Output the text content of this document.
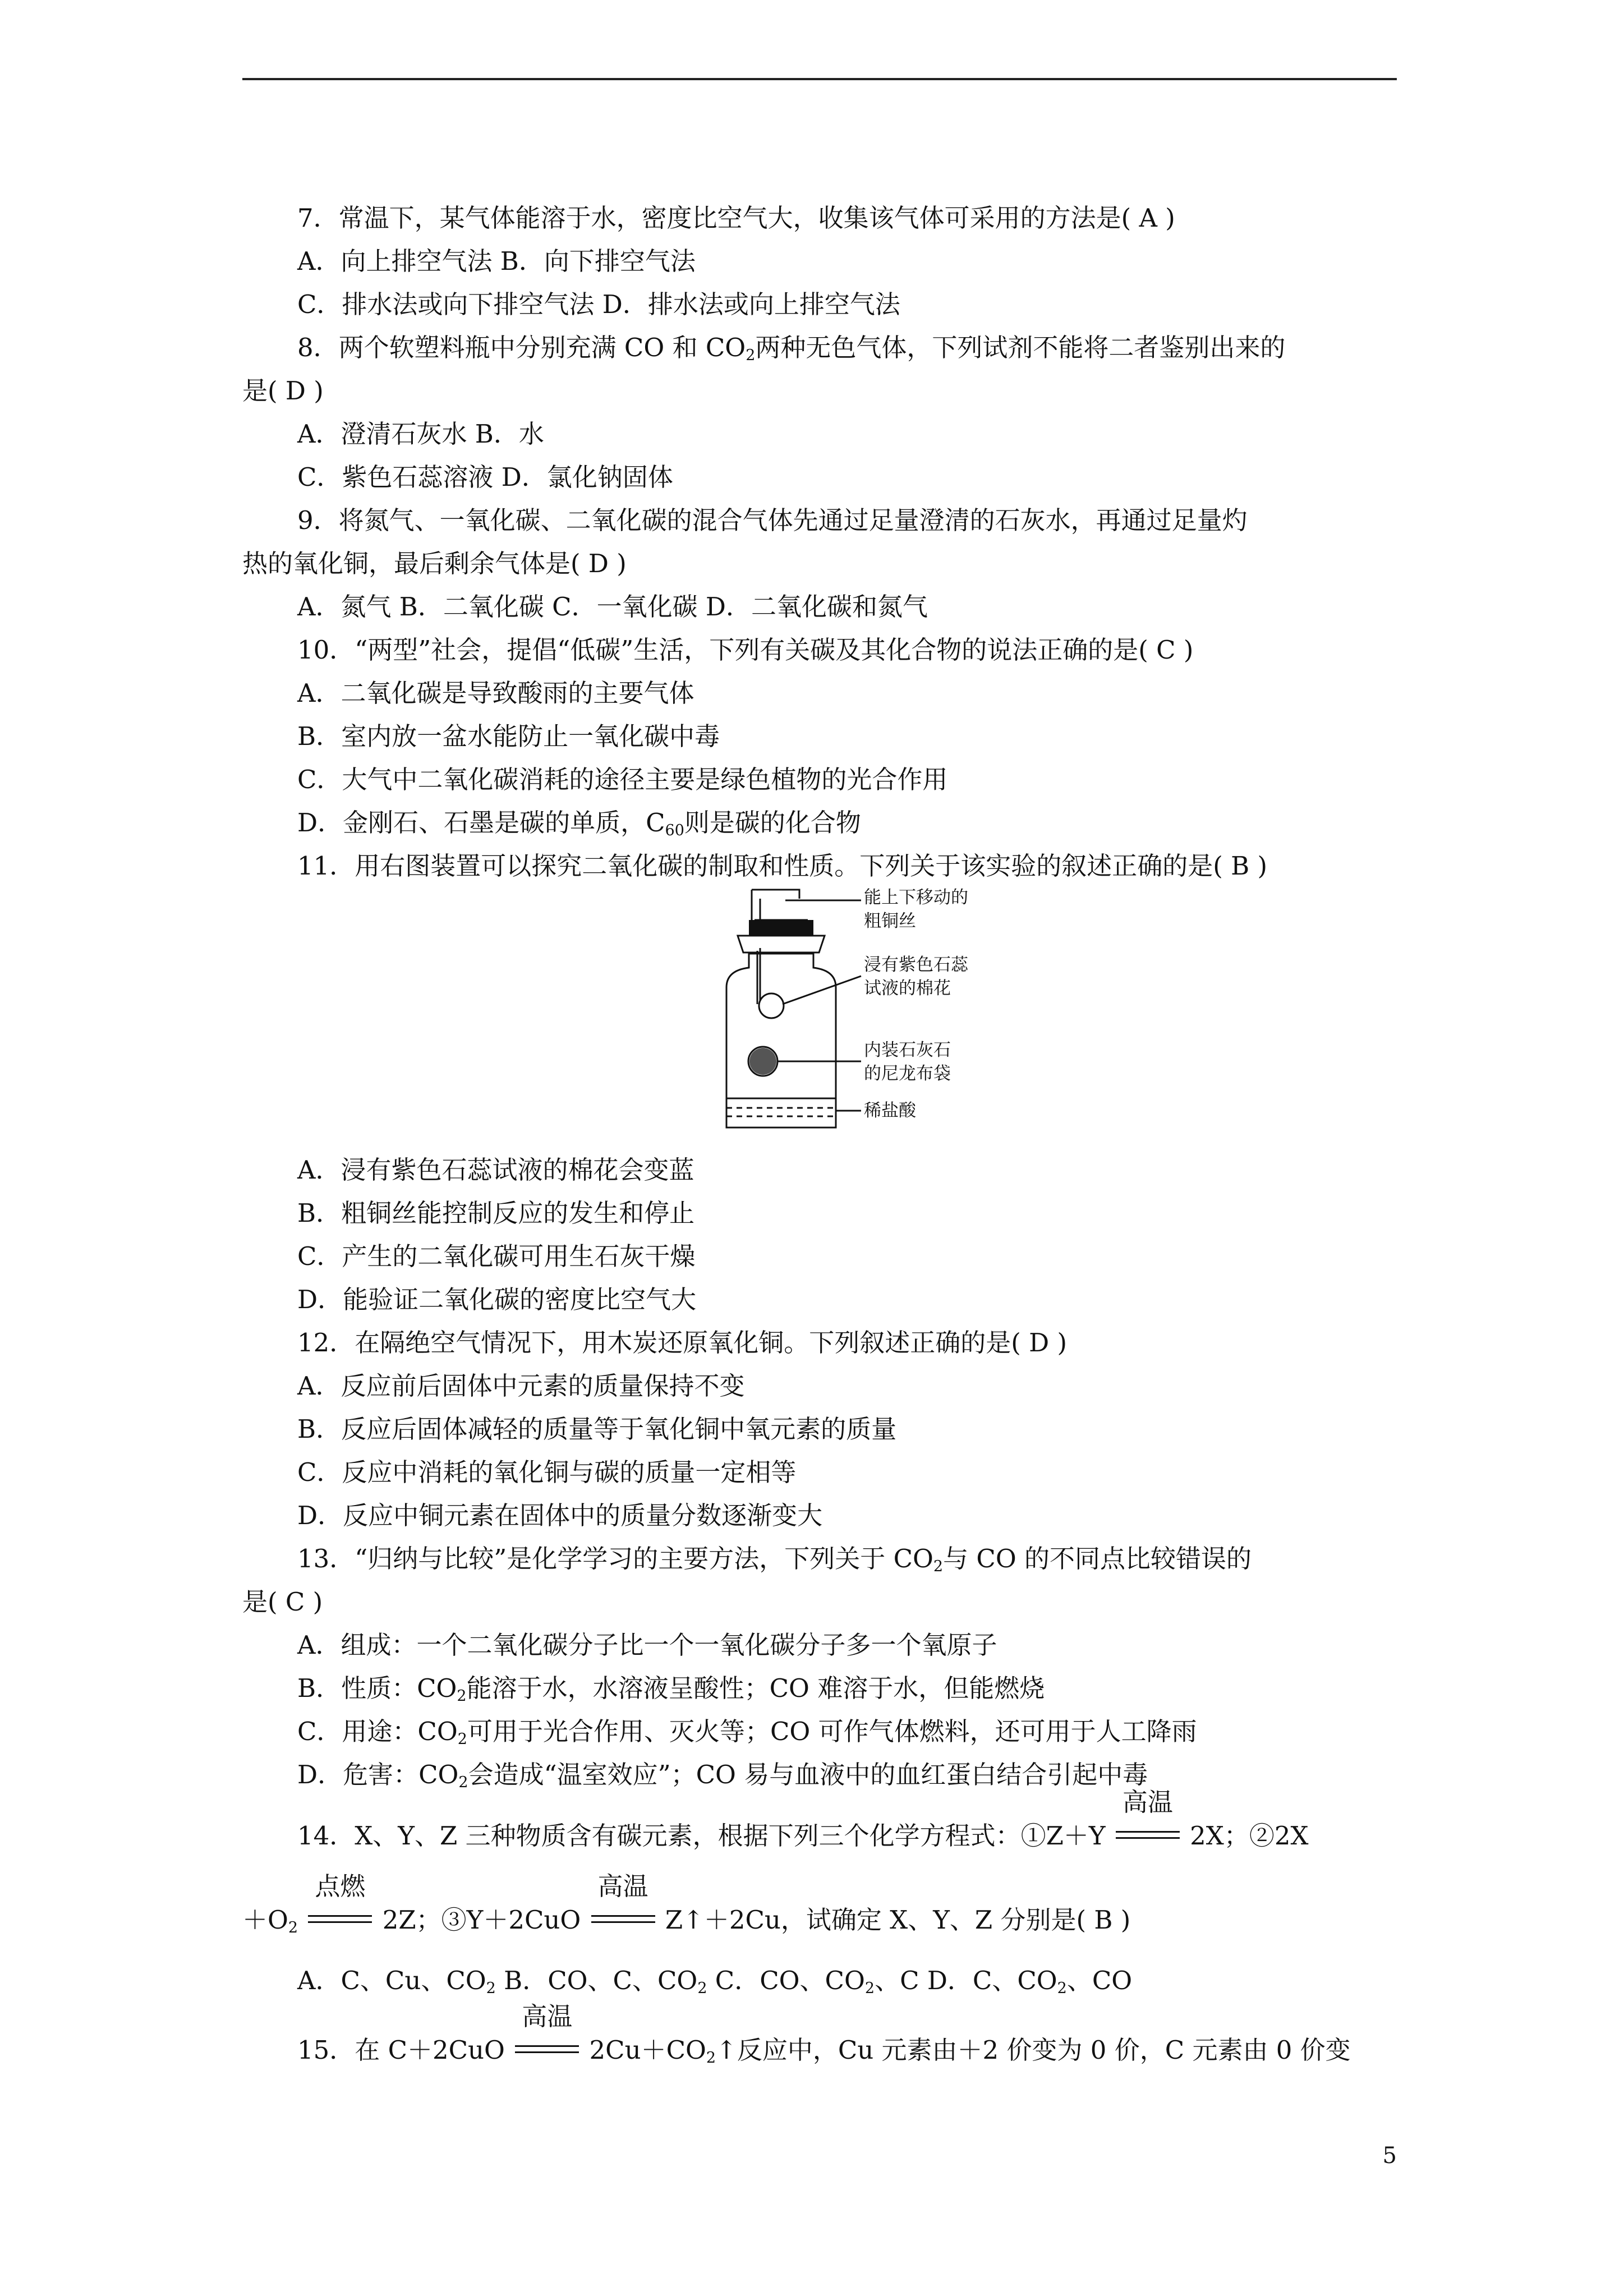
7．常温下，某气体能溶于水，密度比空气大，收集该气体可采用的方法是( A )
A．向上排空气法 B．向下排空气法
C．排水法或向下排空气法 D．排水法或向上排空气法
8．两个软塑料瓶中分别充满 CO 和 $CO_2$两种无色气体，下列试剂不能将二者鉴别出来的
是( D )
A．澄清石灰水 B．水
C．紫色石蕊溶液 D．氯化钠固体
9．将氮气、一氧化碳、二氧化碳的混合气体先通过足量澄清的石灰水，再通过足量灼
热的氧化铜，最后剩余气体是( D )
A．氮气 B．二氧化碳 C．一氧化碳 D．二氧化碳和氮气
10．“两型”社会，提倡“低碳”生活，下列有关碳及其化合物的说法正确的是( C )
A．二氧化碳是导致酸雨的主要气体
B．室内放一盆水能防止一氧化碳中毒
C．大气中二氧化碳消耗的途径主要是绿色植物的光合作用
D．金刚石、石墨是碳的单质，$C_{60}$则是碳的化合物
11．用右图装置可以探究二氧化碳的制取和性质。下列关于该实验的叙述正确的是( B )
能上下移动的
粗铜丝
浸有紫色石蕊
试液的棉花
内装石灰石
的尼龙布袋
稀盐酸
A．浸有紫色石蕊试液的棉花会变蓝
B．粗铜丝能控制反应的发生和停止
C．产生的二氧化碳可用生石灰干燥
D．能验证二氧化碳的密度比空气大
12．在隔绝空气情况下，用木炭还原氧化铜。下列叙述正确的是( D )
A．反应前后固体中元素的质量保持不变
B．反应后固体减轻的质量等于氧化铜中氧元素的质量
C．反应中消耗的氧化铜与碳的质量一定相等
D．反应中铜元素在固体中的质量分数逐渐变大
13．“归纳与比较”是化学学习的主要方法，下列关于 $CO_2$与 CO 的不同点比较错误的
是( C )
A．组成：一个二氧化碳分子比一个一氧化碳分子多一个氧原子
B．性质：$CO_2$能溶于水，水溶液呈酸性；CO 难溶于水，但能燃烧
C．用途：$CO_2$可用于光合作用、灭火等；CO 可作气体燃料，还可用于人工降雨
D．危害：$CO_2$会造成“温室效应”；CO 易与血液中的血红蛋白结合引起中毒
14．X、Y、Z 三种物质含有碳元素，根据下列三个化学方程式：①Z＋Y
高温
2X；②2X
$+O_2$
点燃
2Z；③Y＋2CuO
高温
Z↑＋2Cu，试确定 X、Y、Z 分别是( B )
A．C、Cu、$CO_2$ B．CO、C、$CO_2$ C．CO、$CO_2$、C D．C、$CO_2$、CO
15．在 C＋2CuO
高温
$2Cu+CO_2↑$反应中，Cu 元素由＋2 价变为 0 价，C 元素由 0 价变
5
